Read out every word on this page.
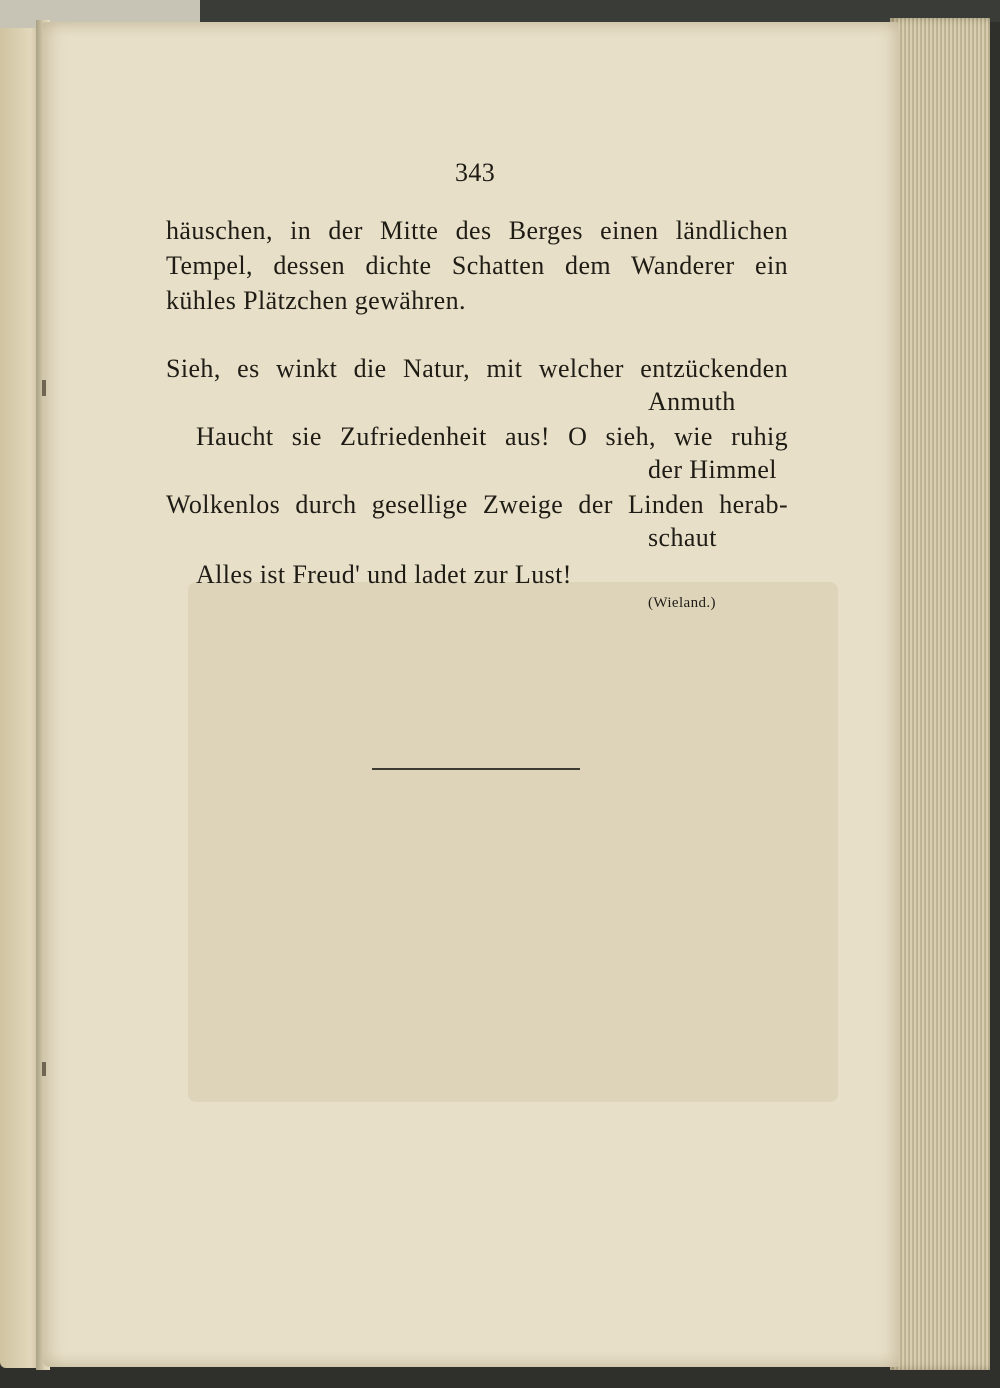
343
häuschen, in der Mitte des Berges einen ländlichen
Tempel, dessen dichte Schatten dem Wanderer ein
kühles Plätzchen gewähren.
Sieh, es winkt die Natur, mit welcher entzückenden
Anmuth
Haucht sie Zufriedenheit aus! O sieh, wie ruhig
der Himmel
Wolkenlos durch gesellige Zweige der Linden herab-
schaut
Alles ist Freud' und ladet zur Lust!
(Wieland.)
